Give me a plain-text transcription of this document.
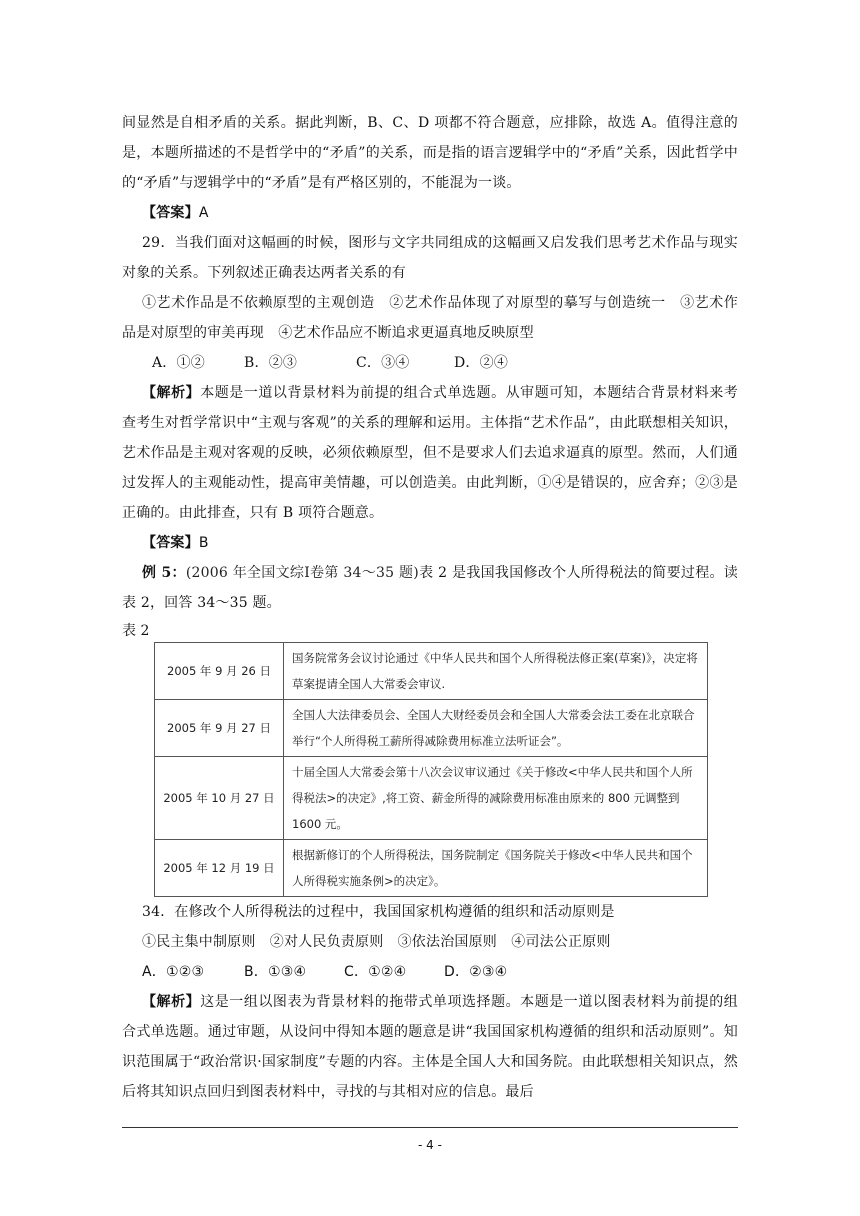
间显然是自相矛盾的关系。据此判断，B、C、D 项都不符合题意，应排除，故选 A。值得注意的是，本题所描述的不是哲学中的“矛盾”的关系，而是指的语言逻辑学中的“矛盾”关系，因此哲学中的“矛盾”与逻辑学中的“矛盾”是有严格区别的，不能混为一谈。

【答案】A

29．当我们面对这幅画的时候，图形与文字共同组成的这幅画又启发我们思考艺术作品与现实对象的关系。下列叙述正确表达两者关系的有

①艺术作品是不依赖原型的主观创造　②艺术作品体现了对原型的摹写与创造统一　③艺术作品是对原型的审美再现　④艺术作品应不断追求更逼真地反映原型

A．①②	B．②③	C．③④	D．②④

【解析】本题是一道以背景材料为前提的组合式单选题。从审题可知，本题结合背景材料来考查考生对哲学常识中“主观与客观”的关系的理解和运用。主体指“艺术作品”，由此联想相关知识，艺术作品是主观对客观的反映，必须依赖原型，但不是要求人们去追求逼真的原型。然而，人们通过发挥人的主观能动性，提高审美情趣，可以创造美。由此判断，①④是错误的，应舍弃；②③是正确的。由此排查，只有 B 项符合题意。

【答案】B

例 5：(2006 年全国文综Ⅰ卷第 34～35 题)表 2 是我国我国修改个人所得税法的简要过程。读表 2，回答 34～35 题。

表 2
2005 年 9 月 26 日	国务院常务会议讨论通过《中华人民共和国个人所得税法修正案(草案)》，决定将草案提请全国人大常委会审议.
2005 年 9 月 27 日	全国人大法律委员会、全国人大财经委员会和全国人大常委会法工委在北京联合举行“个人所得税工薪所得减除费用标准立法听证会”。
2005 年 10 月 27 日	十届全国人大常委会第十八次会议审议通过《关于修改<中华人民共和国个人所得税法>的决定》,将工资、薪金所得的减除费用标准由原来的 800 元调整到 1600 元。
2005 年 12 月 19 日	根据新修订的个人所得税法，国务院制定《国务院关于修改<中华人民共和国个人所得税实施条例>的决定》。

34．在修改个人所得税法的过程中，我国国家机构遵循的组织和活动原则是

①民主集中制原则　②对人民负责原则　③依法治国原则　④司法公正原则

A．①②③	B．①③④	C．①②④	D．②③④

【解析】这是一组以图表为背景材料的拖带式单项选择题。本题是一道以图表材料为前提的组合式单选题。通过审题，从设问中得知本题的题意是讲“我国国家机构遵循的组织和活动原则”。知识范围属于“政治常识·国家制度”专题的内容。主体是全国人大和国务院。由此联想相关知识点，然后将其知识点回归到图表材料中，寻找的与其相对应的信息。最后

- 4 -
